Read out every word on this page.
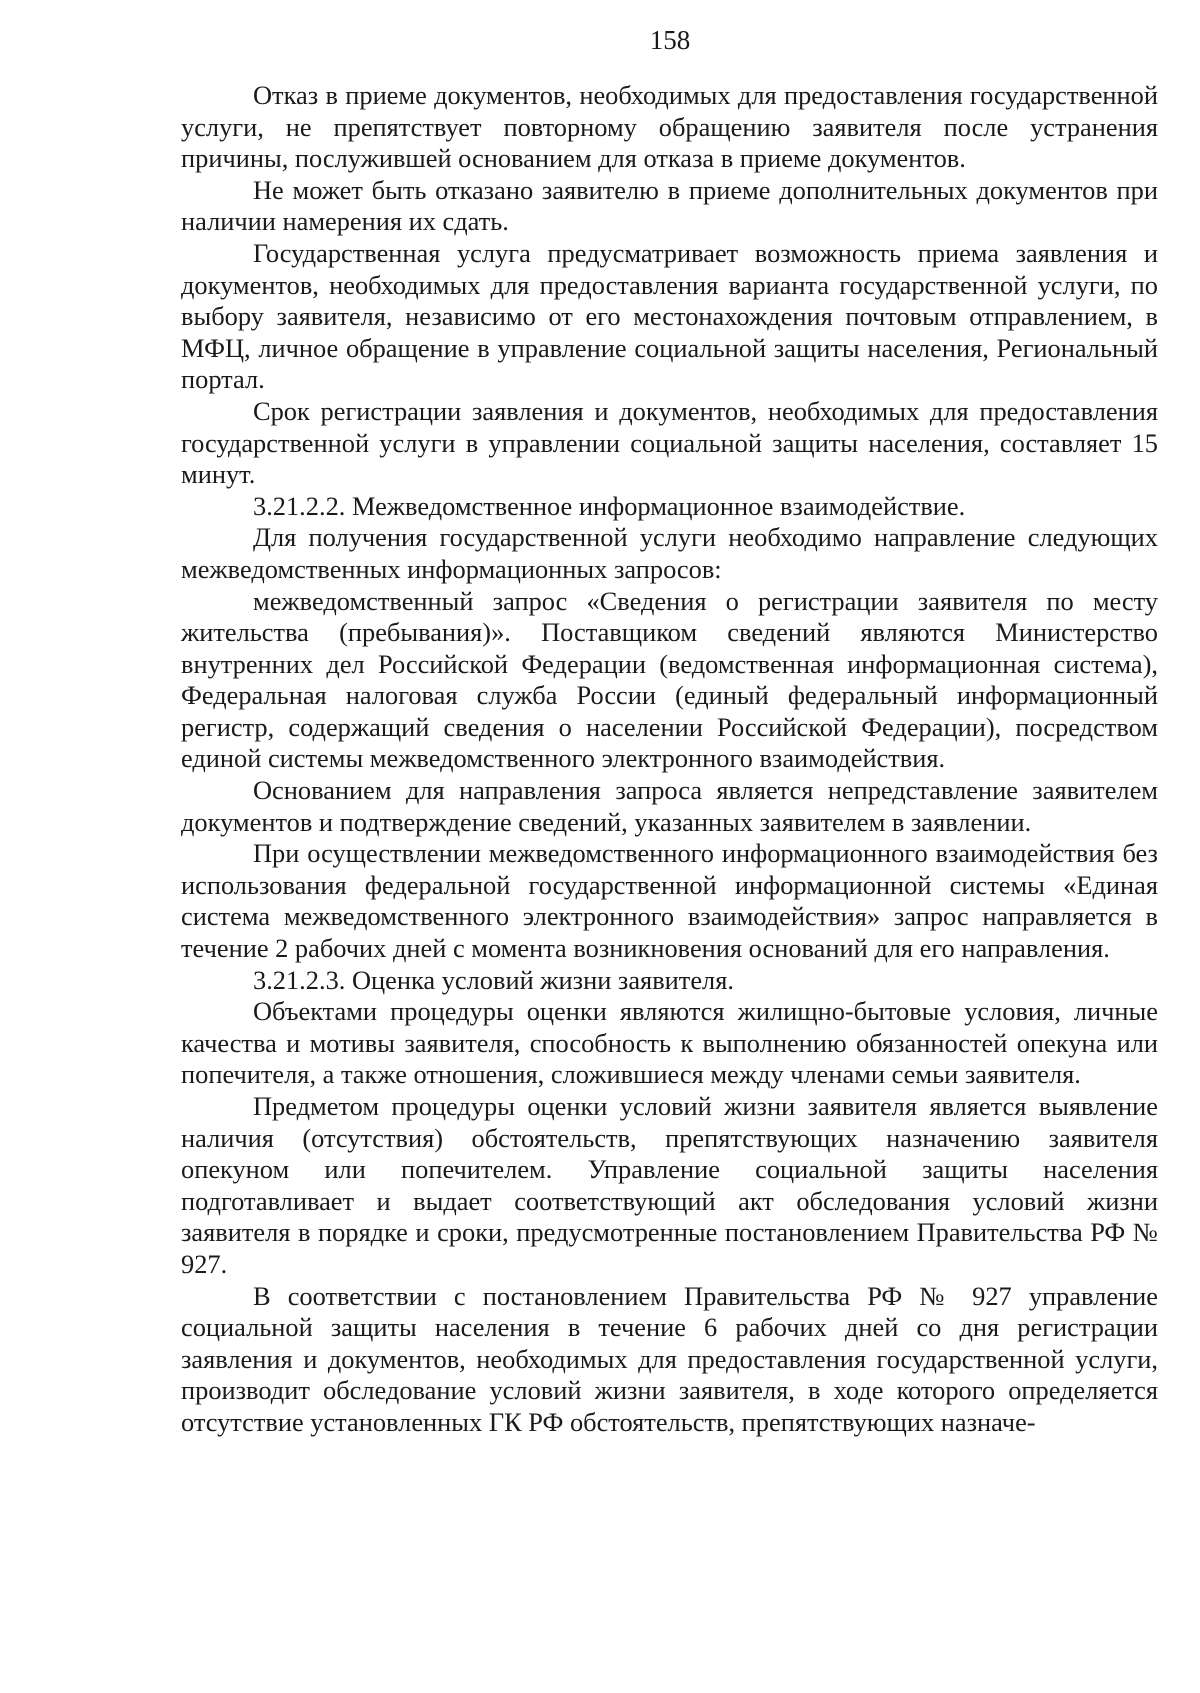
158

Отказ в приеме документов, необходимых для предоставления государственной услуги, не препятствует повторному обращению заявителя после устранения причины, послужившей основанием для отказа в приеме документов.

Не может быть отказано заявителю в приеме дополнительных документов при наличии намерения их сдать.

Государственная услуга предусматривает возможность приема заявления и документов, необходимых для предоставления варианта государственной услуги, по выбору заявителя, независимо от его местонахождения почтовым отправлением, в МФЦ, личное обращение в управление социальной защиты населения, Региональный портал.

Срок регистрации заявления и документов, необходимых для предоставления государственной услуги в управлении социальной защиты населения, составляет 15 минут.

3.21.2.2. Межведомственное информационное взаимодействие.

Для получения государственной услуги необходимо направление следующих межведомственных информационных запросов:

межведомственный запрос «Сведения о регистрации заявителя по месту жительства (пребывания)». Поставщиком сведений являются Министерство внутренних дел Российской Федерации (ведомственная информационная система), Федеральная налоговая служба России (единый федеральный информационный регистр, содержащий сведения о населении Российской Федерации), посредством единой системы межведомственного электронного взаимодействия.

Основанием для направления запроса является непредставление заявителем документов и подтверждение сведений, указанных заявителем в заявлении.

При осуществлении межведомственного информационного взаимодействия без использования федеральной государственной информационной системы «Единая система межведомственного электронного взаимодействия» запрос направляется в течение 2 рабочих дней с момента возникновения оснований для его направления.

3.21.2.3. Оценка условий жизни заявителя.

Объектами процедуры оценки являются жилищно-бытовые условия, личные качества и мотивы заявителя, способность к выполнению обязанностей опекуна или попечителя, а также отношения, сложившиеся между членами семьи заявителя.

Предметом процедуры оценки условий жизни заявителя является выявление наличия (отсутствия) обстоятельств, препятствующих назначению заявителя опекуном или попечителем. Управление социальной защиты населения подготавливает и выдает соответствующий акт обследования условий жизни заявителя в порядке и сроки, предусмотренные постановлением Правительства РФ № 927.

В соответствии с постановлением Правительства РФ № 927 управление социальной защиты населения в течение 6 рабочих дней со дня регистрации заявления и документов, необходимых для предоставления государственной услуги, производит обследование условий жизни заявителя, в ходе которого определяется отсутствие установленных ГК РФ обстоятельств, препятствующих назначе-
